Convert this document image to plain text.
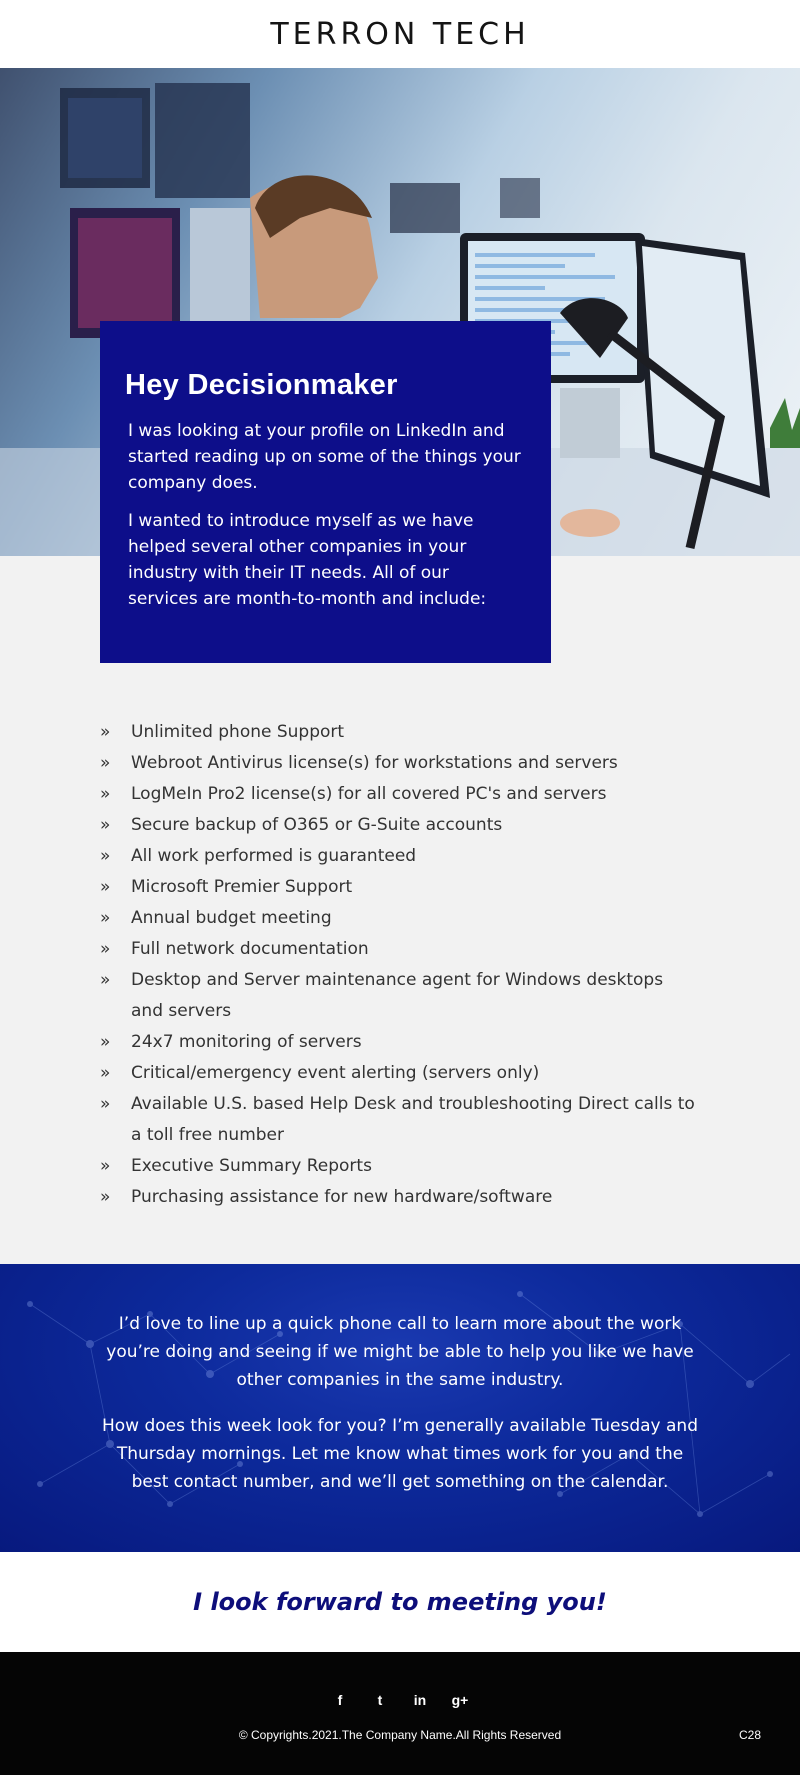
TERRON TECH
Hey Decisionmaker

I was looking at your profile on LinkedIn and started reading up on some of the things your company does.

I wanted to introduce myself as we have helped several other companies in your industry with their IT needs. All of our services are month-to-month and include:

»	Unlimited phone Support
»	Webroot Antivirus license(s) for workstations and servers
»	LogMeIn Pro2 license(s) for all covered PC's and servers
»	Secure backup of O365 or G-Suite accounts
»	All work performed is guaranteed
»	Microsoft Premier Support
»	Annual budget meeting
»	Full network documentation
»	Desktop and Server maintenance agent for Windows desktops and servers
»	24x7 monitoring of servers
»	Critical/emergency event alerting (servers only)
»	Available U.S. based Help Desk and troubleshooting Direct calls to a toll free number
»	Executive Summary Reports
»	Purchasing assistance for new hardware/software

I’d love to line up a quick phone call to learn more about the work you’re doing and seeing if we might be able to help you like we have other companies in the same industry.

How does this week look for you? I’m generally available Tuesday and Thursday mornings. Let me know what times work for you and the best contact number, and we’ll get something on the calendar.

I look forward to meeting you!
f	t	in g+
© Copyrights.2021.The Company Name.All Rights Reserved	C28
